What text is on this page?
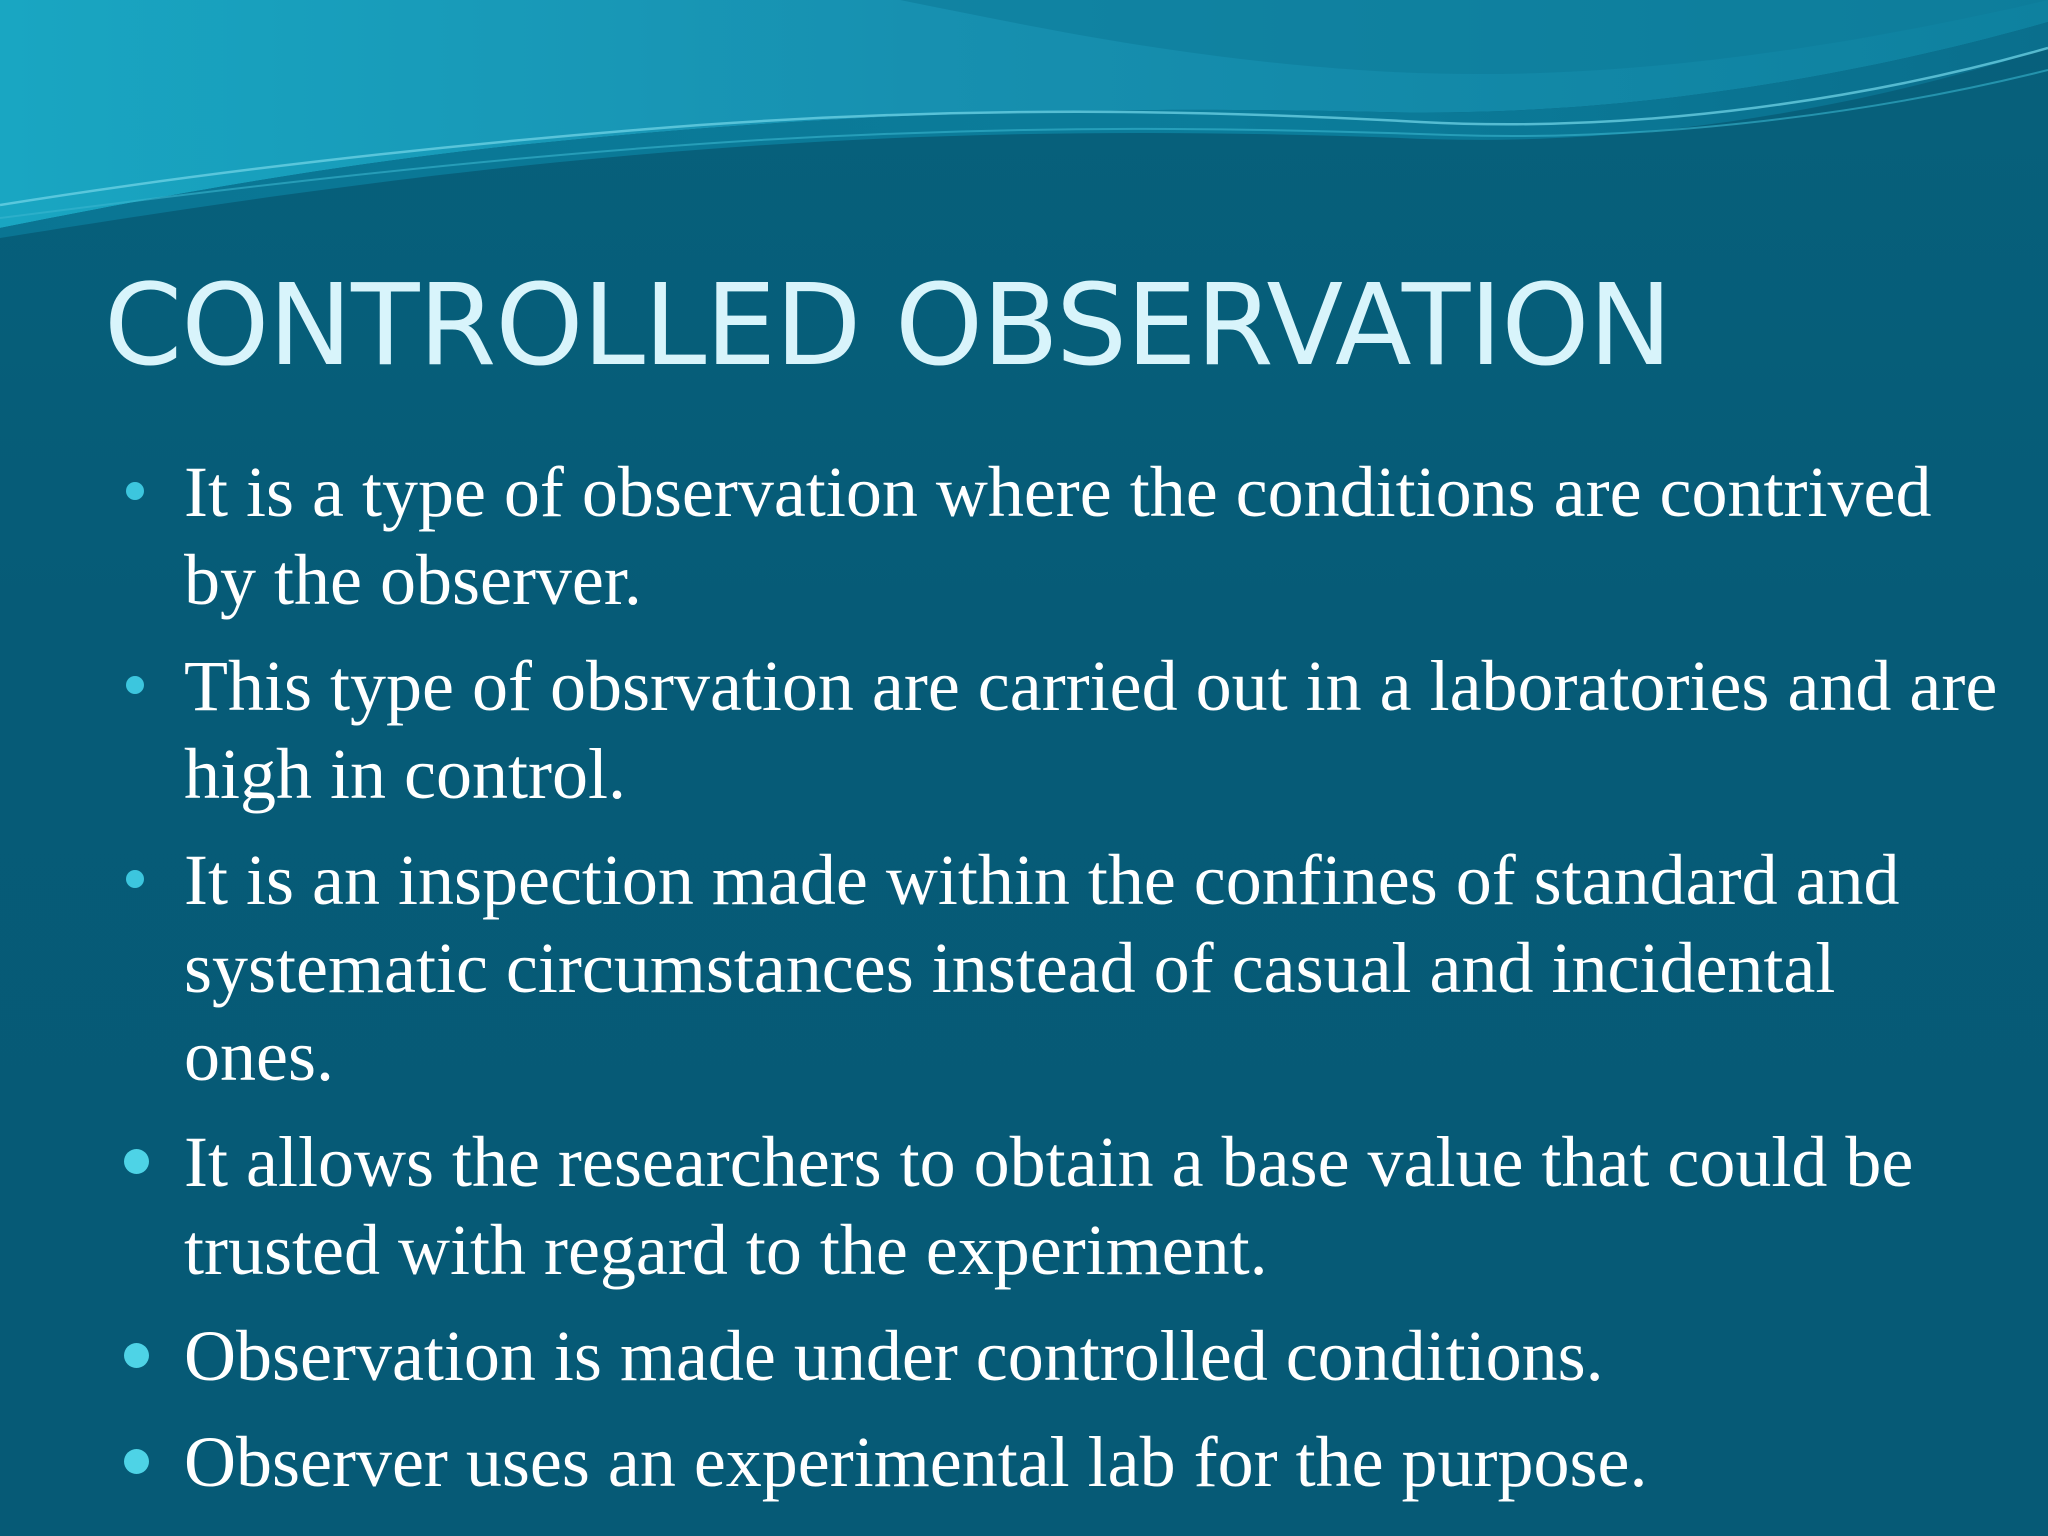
CONTROLLED OBSERVATION
It is a type of observation where the conditions are contrived by the observer.
This type of obsrvation are carried out in a laboratories and are high in control.
It is an inspection made within the confines of standard and systematic circumstances instead of casual and incidental ones.
It allows the researchers to obtain a base value that could be trusted with regard to the experiment.
Observation is made under controlled conditions.
Observer uses an experimental lab for the purpose.
